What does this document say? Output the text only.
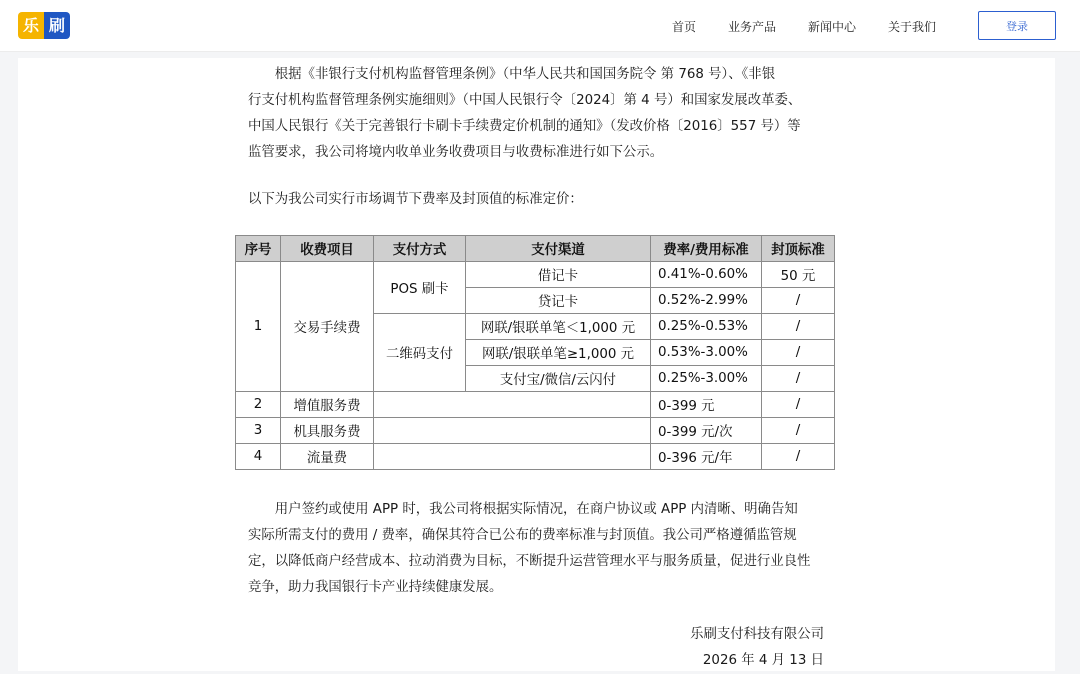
乐 刷	首页	业务产品	新闻中心	关于我们	登录
根据《非银行支付机构监督管理条例》（中华人民共和国国务院令 第 768 号）、《非银
行支付机构监督管理条例实施细则》（中国人民银行令〔2024〕第 4 号）和国家发展改革委、
中国人民银行《关于完善银行卡刷卡手续费定价机制的通知》（发改价格〔2016〕557 号）等
监管要求，我公司将境内收单业务收费项目与收费标准进行如下公示。
以下为我公司实行市场调节下费率及封顶值的标准定价：
序号	收费项目	支付方式	支付渠道	费率/费用标准	封顶标准
1	交易手续费	POS 刷卡	借记卡	0.41%-0.60%	50 元
			贷记卡	0.52%-2.99%	/
		二维码支付	网联/银联单笔＜1,000 元	0.25%-0.53%	/
			网联/银联单笔≥1,000 元	0.53%-3.00%	/
			支付宝/微信/云闪付	0.25%-3.00%	/
2	增值服务费			0-399 元	/
3	机具服务费			0-399 元/次	/
4	流量费			0-396 元/年	/
用户签约或使用 APP 时，我公司将根据实际情况，在商户协议或 APP 内清晰、明确告知
实际所需支付的费用 / 费率，确保其符合已公布的费率标准与封顶值。我公司严格遵循监管规
定，以降低商户经营成本、拉动消费为目标，不断提升运营管理水平与服务质量，促进行业良性
竞争，助力我国银行卡产业持续健康发展。
乐刷支付科技有限公司
2026 年 4 月 13 日
